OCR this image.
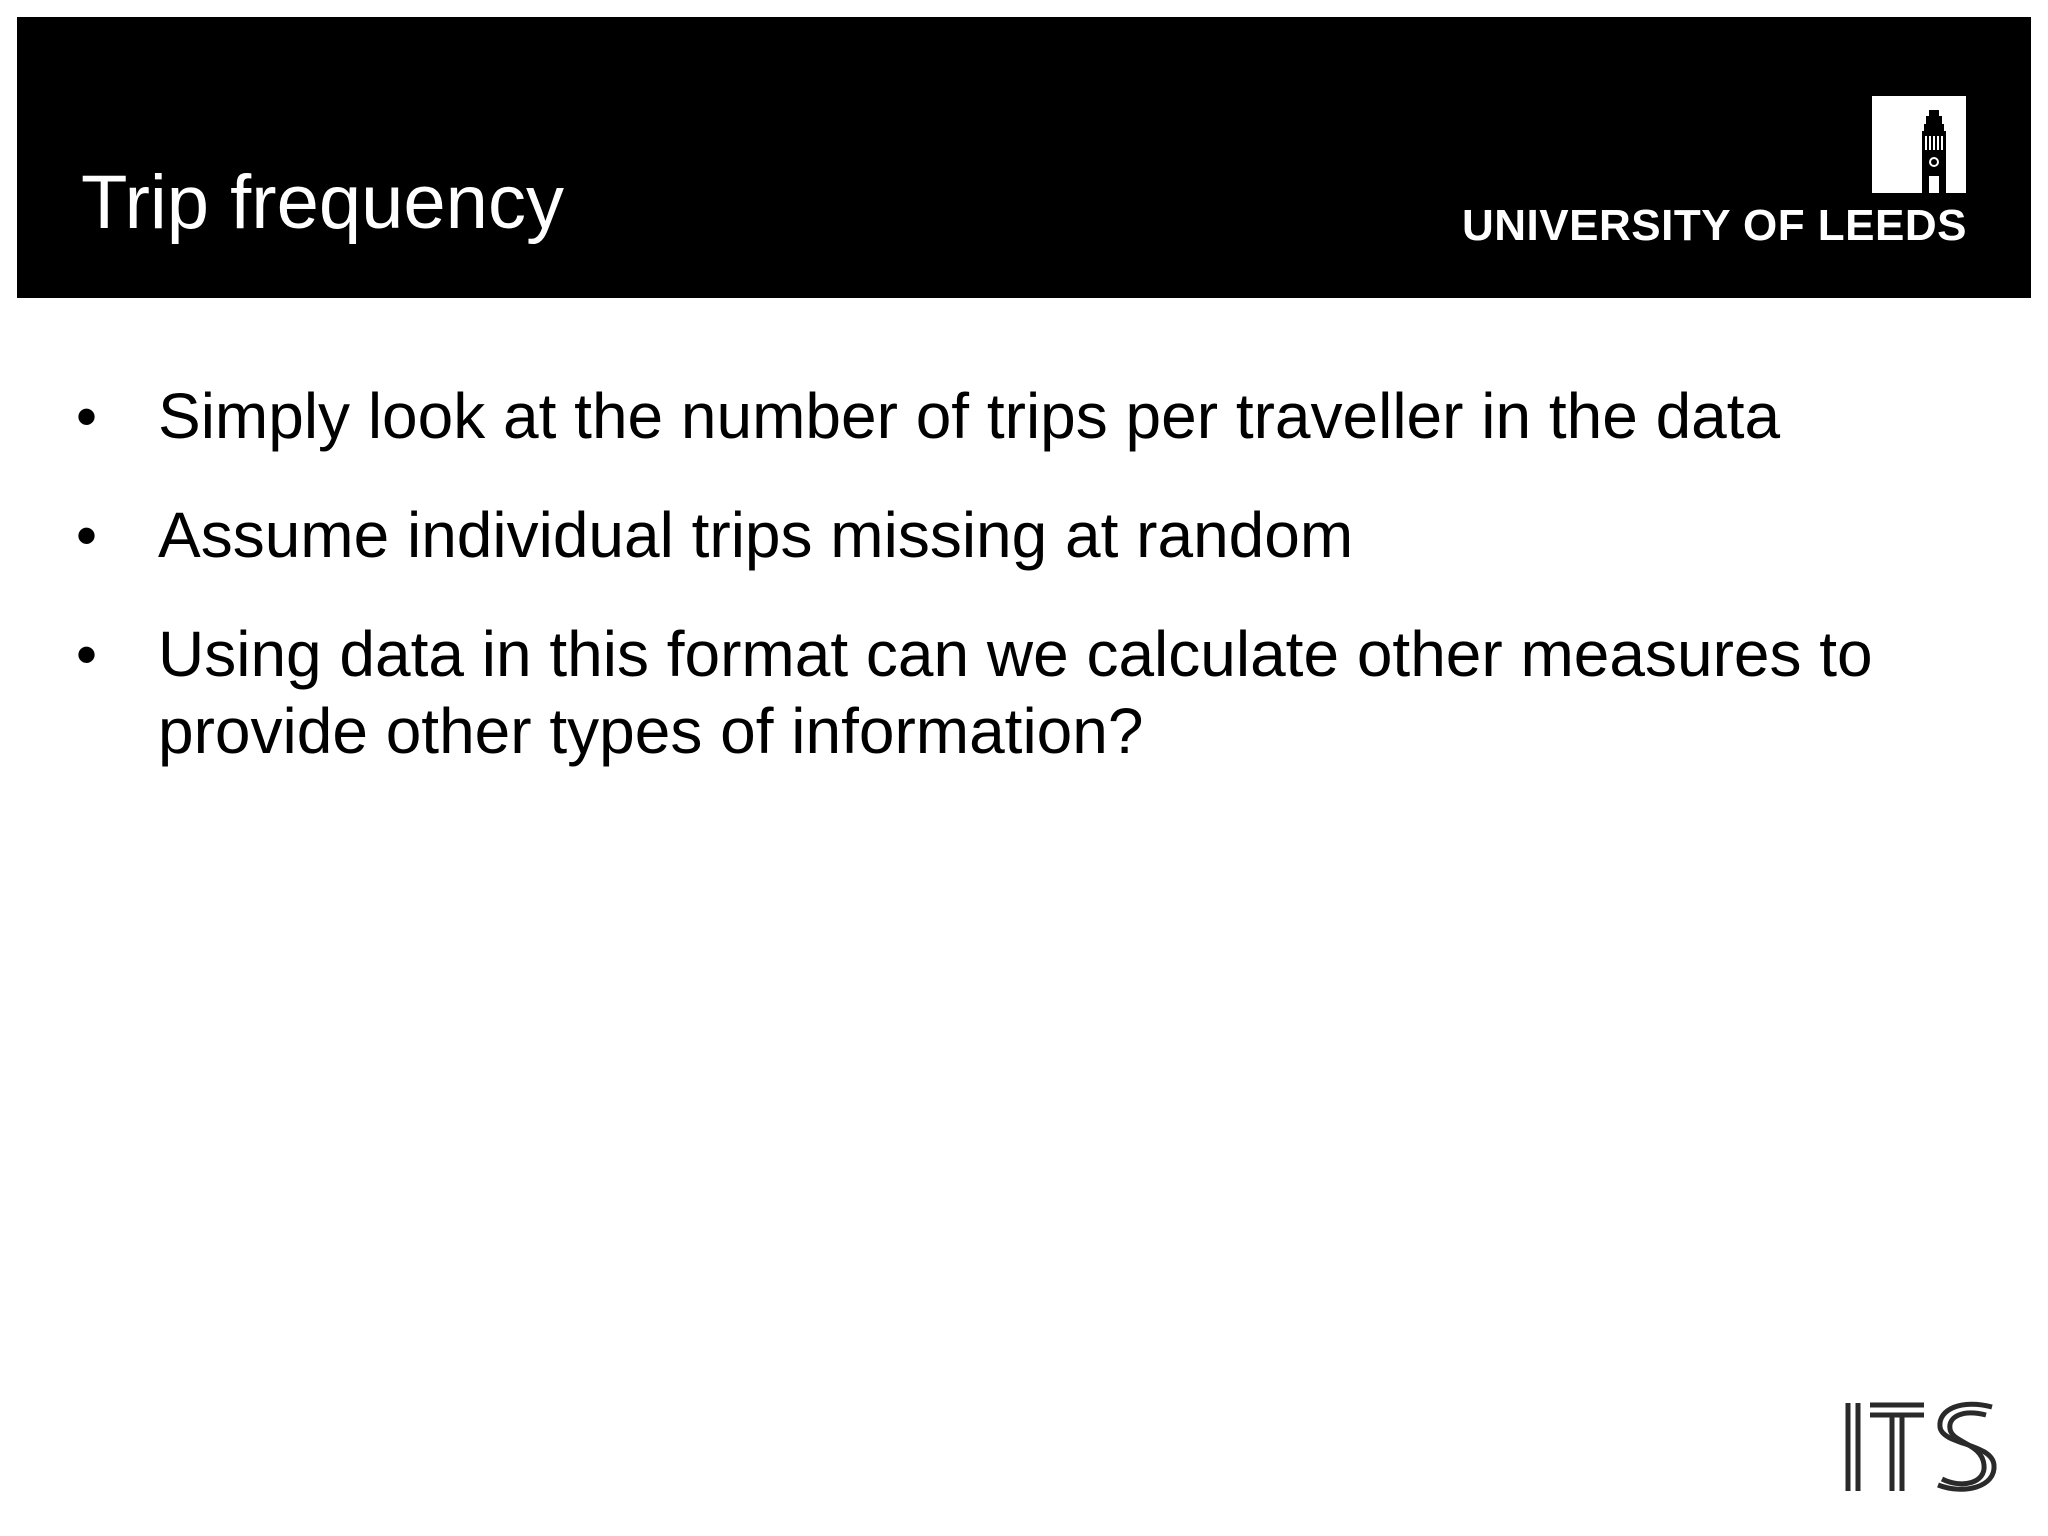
Trip frequency	UNIVERSITY OF LEEDS
• Simply look at the number of trips per traveller in the data
• Assume individual trips missing at random
• Using data in this format can we calculate other measures to provide other types of information?
